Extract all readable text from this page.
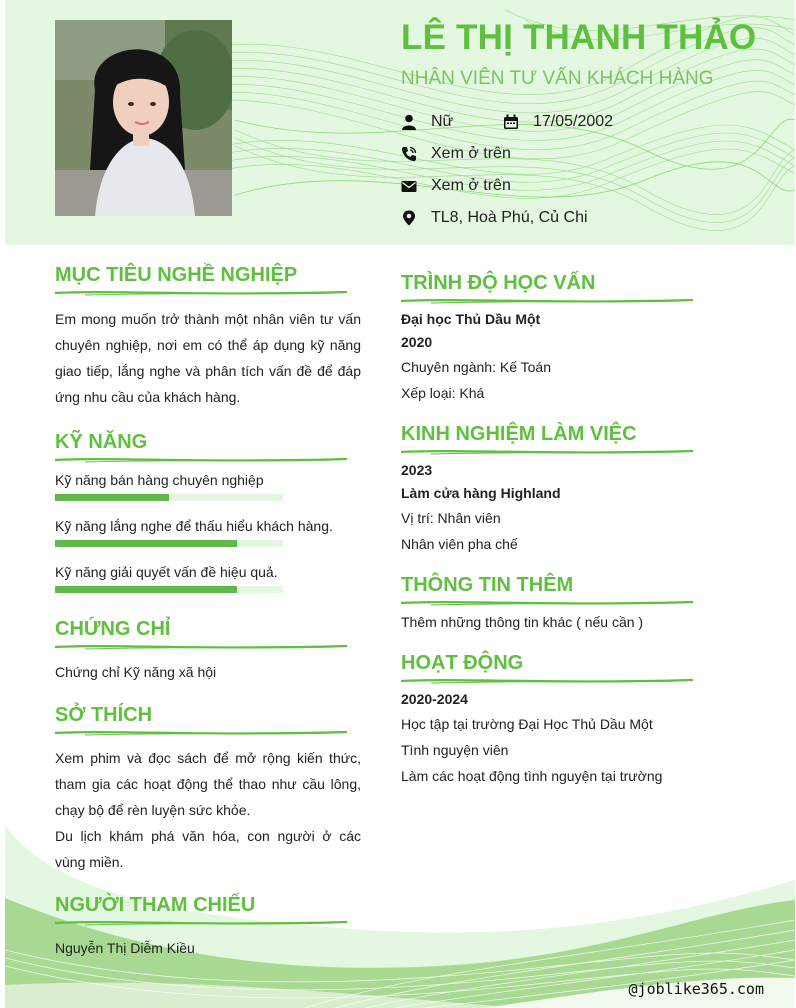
LÊ THỊ THANH THẢO
NHÂN VIÊN TƯ VẤN KHÁCH HÀNG
Nữ	17/05/2002
Xem ở trên
Xem ở trên
TL8, Hoà Phú, Củ Chi
@joblike365.com
MỤC TIÊU NGHỀ NGHIỆP
Em mong muốn trở thành một nhân viên tư vấn chuyên nghiệp, nơi em có thể áp dụng kỹ năng giao tiếp, lắng nghe và phân tích vấn đề để đáp ứng nhu cầu của khách hàng.
KỸ NĂNG
Kỹ năng bán hàng chuyên nghiệp
Kỹ năng lắng nghe để thấu hiểu khách hàng.
Kỹ năng giải quyết vấn đề hiệu quả.
CHỨNG CHỈ
Chứng chỉ Kỹ năng xã hội
SỞ THÍCH
Xem phim và đọc sách để mở rộng kiến thức, tham gia các hoạt động thể thao như cầu lông, chạy bộ để rèn luyện sức khỏe.
Du lịch khám phá văn hóa, con người ở các vùng miền.
NGƯỜI THAM CHIẾU
Nguyễn Thị Diễm Kiều
TRÌNH ĐỘ HỌC VẤN
Đại học Thủ Dầu Một
2020
Chuyên ngành: Kế Toán
Xếp loại: Khá
KINH NGHIỆM LÀM VIỆC
2023
Làm cửa hàng Highland
Vị trí: Nhân viên
Nhân viên pha chế
THÔNG TIN THÊM
Thêm những thông tin khác ( nếu cần )
HOẠT ĐỘNG
2020-2024
Học tập tại trường Đại Học Thủ Dầu Một
Tình nguyện viên
Làm các hoạt động tình nguyện tại trường
